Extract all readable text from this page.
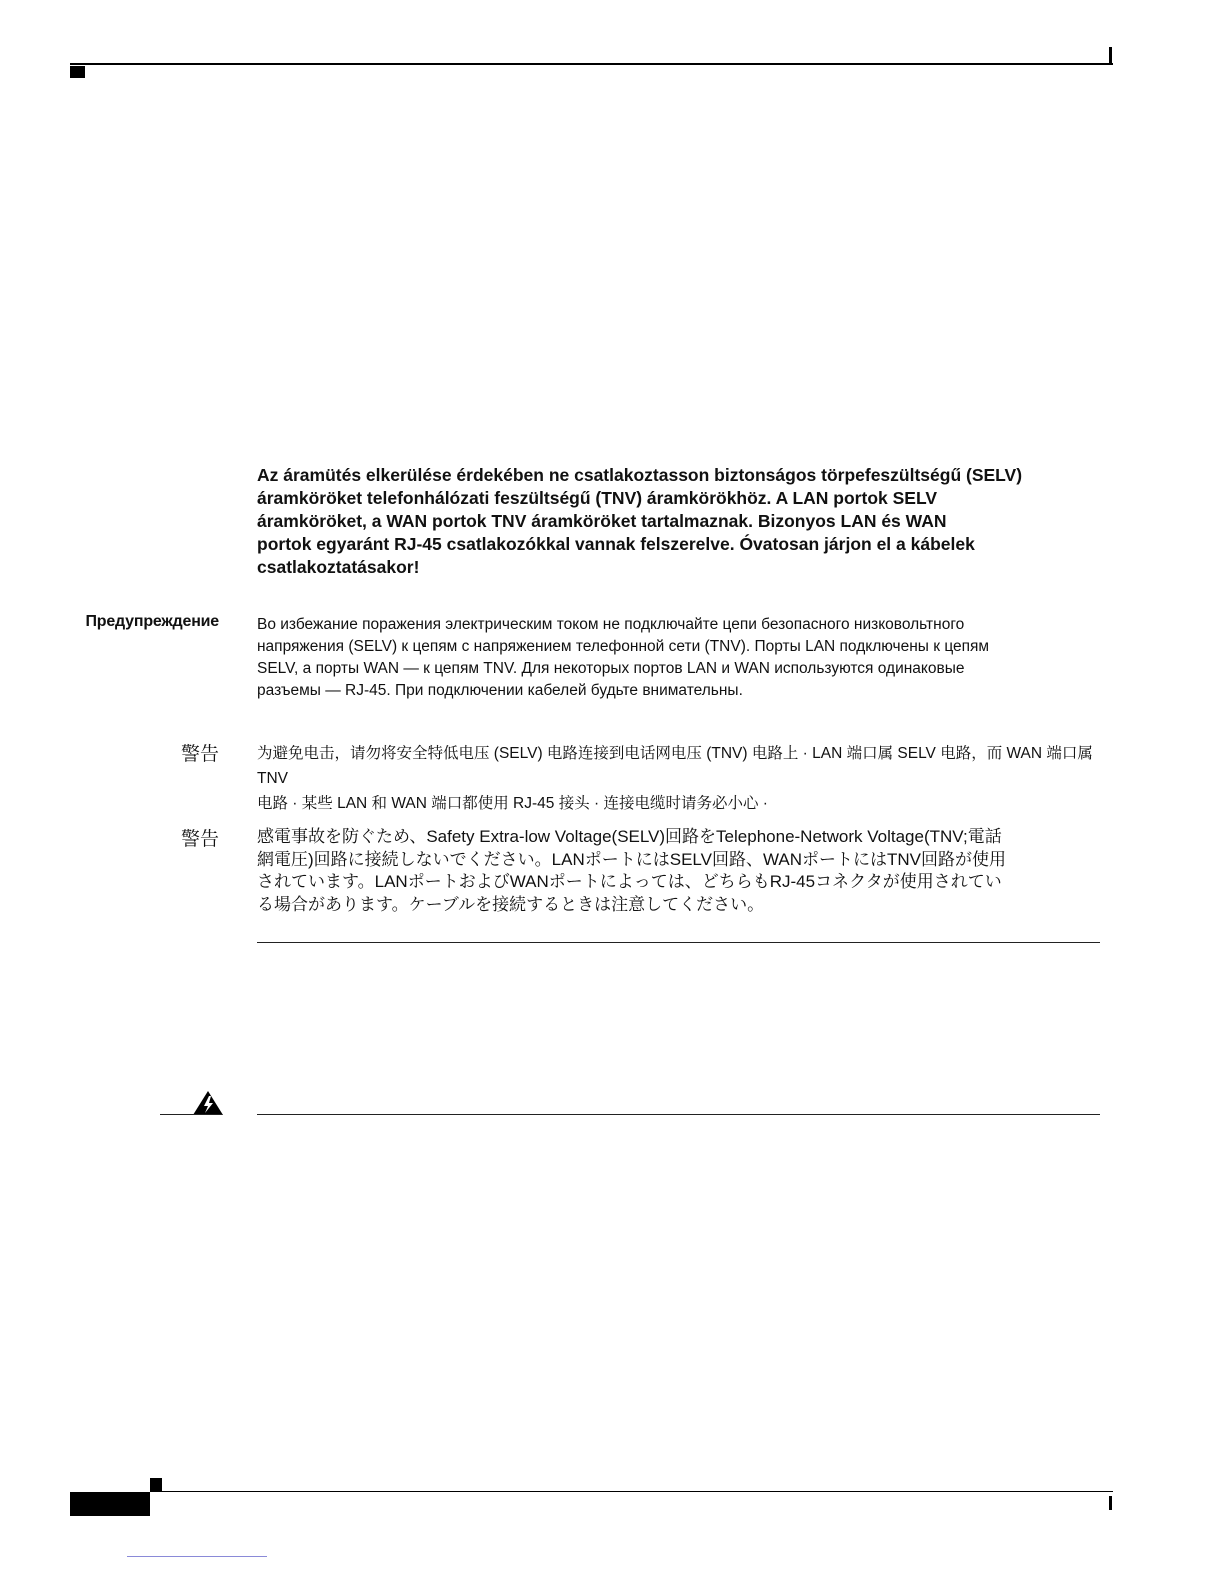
Az áramütés elkerülése érdekében ne csatlakoztasson biztonságos törpefeszültségű (SELV)
áramköröket telefonhálózati feszültségű (TNV) áramkörökhöz. A LAN portok SELV
áramköröket, a WAN portok TNV áramköröket tartalmaznak. Bizonyos LAN és WAN
portok egyaránt RJ-45 csatlakozókkal vannak felszerelve. Óvatosan járjon el a kábelek
csatlakoztatásakor!
Предупреждение Во избежание поражения электрическим током не подключайте цепи безопасного низковольтного
напряжения (SELV) к цепям с напряжением телефонной сети (TNV). Порты LAN подключены к цепям
SELV, а порты WAN — к цепям TNV. Для некоторых портов LAN и WAN используются одинаковые
разъемы — RJ-45. При подключении кабелей будьте внимательны.
警告 为避免电击，请勿将安全特低电压 (SELV) 电路连接到电话网电压 (TNV) 电路上 · LAN 端口属 SELV 电路，而 WAN 端口属 TNV
电路 · 某些 LAN 和 WAN 端口都使用 RJ-45 接头 · 连接电缆时请务必小心 ·
警告 感電事故を防ぐため、Safety Extra-low Voltage(SELV)回路をTelephone-Network Voltage(TNV;電話
網電圧)回路に接続しないでください。LANポートにはSELV回路、WANポートにはTNV回路が使用
されています。LANポートおよびWANポートによっては、どちらもRJ-45コネクタが使用されてい
る場合があります。ケーブルを接続するときは注意してください。
